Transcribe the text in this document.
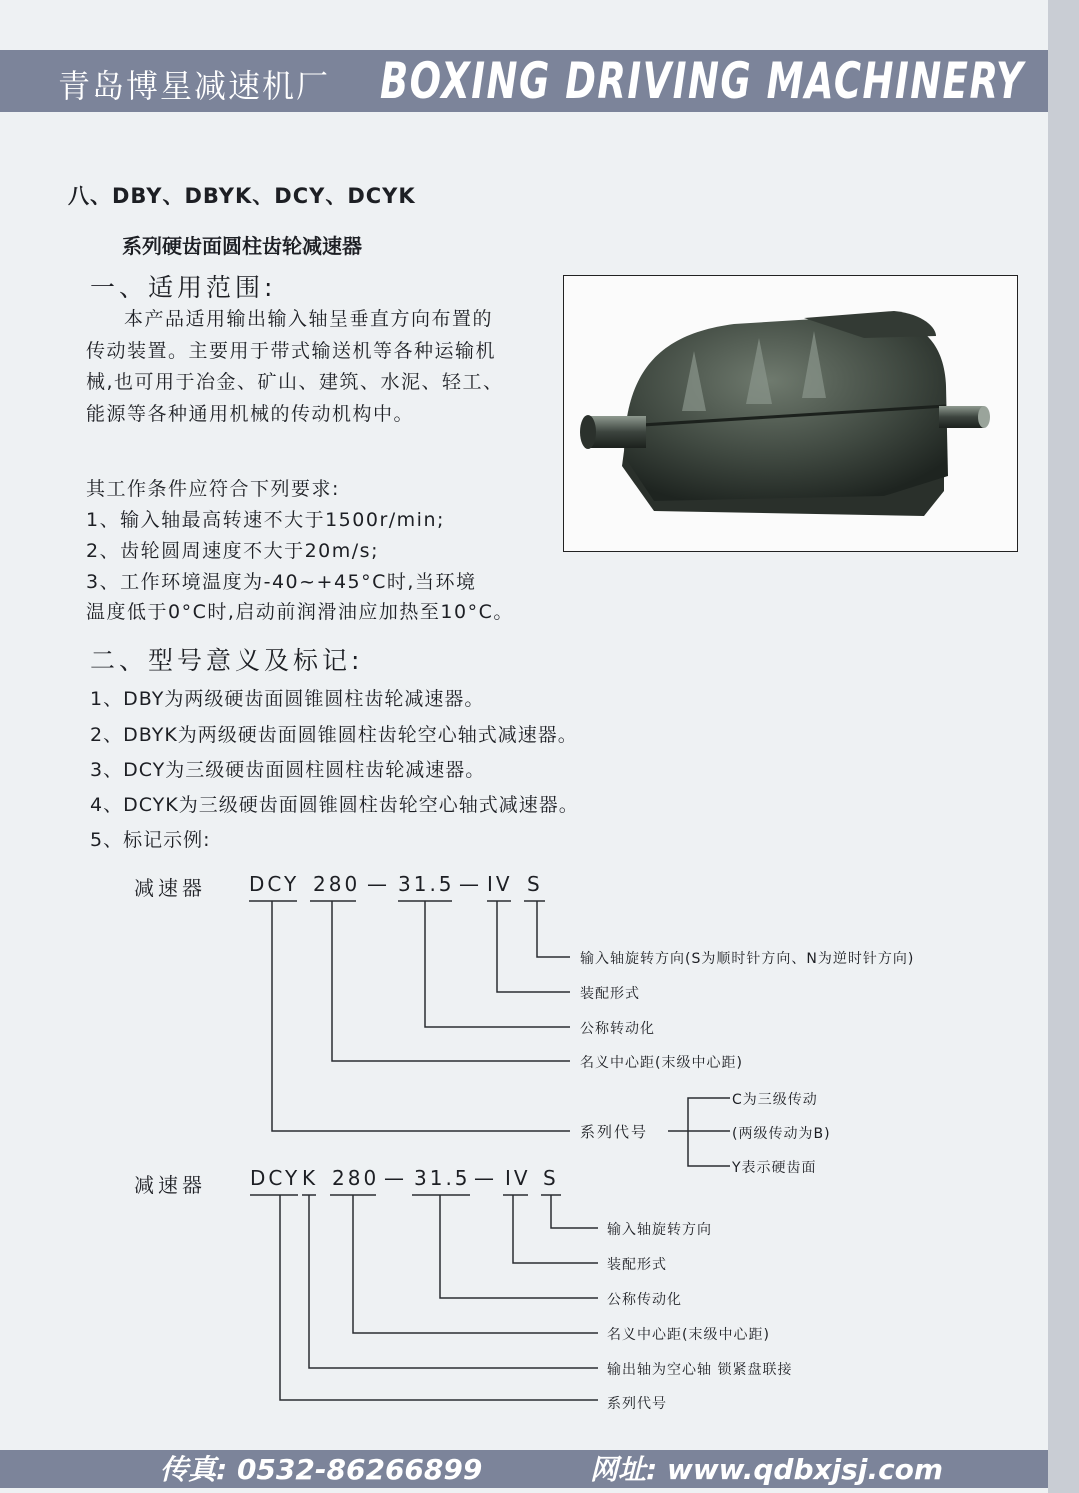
青岛博星减速机厂 BOXING DRIVING MACHINERY
八、DBY、DBYK、DCY、DCYK
系列硬齿面圆柱齿轮减速器
一、适用范围:
本产品适用输出输入轴呈垂直方向布置的传动装置。主要用于带式输送机等各种运输机械,也可用于冶金、矿山、建筑、水泥、轻工、能源等各种通用机械的传动机构中。
其工作条件应符合下列要求:
1、输入轴最高转速不大于1500r/min;
2、齿轮圆周速度不大于20m/s;
3、工作环境温度为-40~+45°C时,当环境
温度低于0°C时,启动前润滑油应加热至10°C。
二、型号意义及标记:
1、DBY为两级硬齿面圆锥圆柱齿轮减速器。
2、DBYK为两级硬齿面圆锥圆柱齿轮空心轴式减速器。
3、DCY为三级硬齿面圆柱圆柱齿轮减速器。
4、DCYK为三级硬齿面圆锥圆柱齿轮空心轴式减速器。
5、标记示例:
减速器 DCY 280 — 31.5 — IV S
输入轴旋转方向(S为顺时针方向、N为逆时针方向)
装配形式
公称转动化
名义中心距(末级中心距)
系列代号
C为三级传动
(两级传动为B)
Y表示硬齿面
减速器 DCY K 280 — 31.5 — IV S
输入轴旋转方向
装配形式
公称传动化
名义中心距(末级中心距)
输出轴为空心轴 锁紧盘联接
系列代号
传真: 0532-86266899	网址: www.qdbxjsj.com
